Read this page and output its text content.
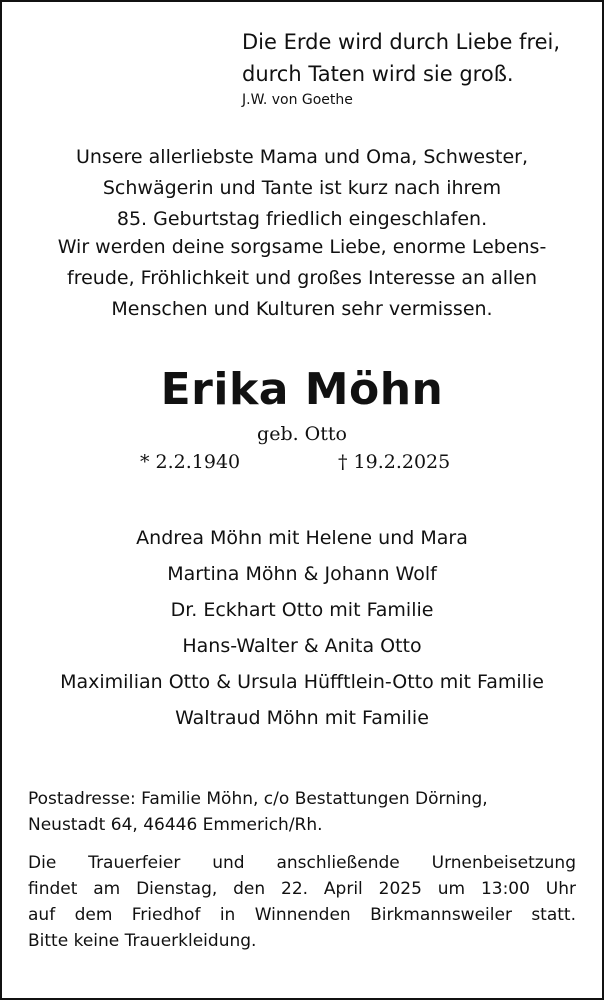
Die Erde wird durch Liebe frei,
durch Taten wird sie groß.
J.W. von Goethe
Unsere allerliebste Mama und Oma, Schwester,
Schwägerin und Tante ist kurz nach ihrem
85. Geburtstag friedlich eingeschlafen.
Wir werden deine sorgsame Liebe, enorme Lebens-
freude, Fröhlichkeit und großes Interesse an allen
Menschen und Kulturen sehr vermissen.
Erika Möhn
geb. Otto
* 2.2.1940	† 19.2.2025
Andrea Möhn mit Helene und Mara
Martina Möhn & Johann Wolf
Dr. Eckhart Otto mit Familie
Hans-Walter & Anita Otto
Maximilian Otto & Ursula Hüfftlein-Otto mit Familie
Waltraud Möhn mit Familie
Postadresse: Familie Möhn, c/o Bestattungen Dörning,
Neustadt 64, 46446 Emmerich/Rh.
Die Trauerfeier und anschließende Urnenbeisetzung
findet am Dienstag, den 22. April 2025 um 13:00 Uhr
auf dem Friedhof in Winnenden Birkmannsweiler statt.
Bitte keine Trauerkleidung.
